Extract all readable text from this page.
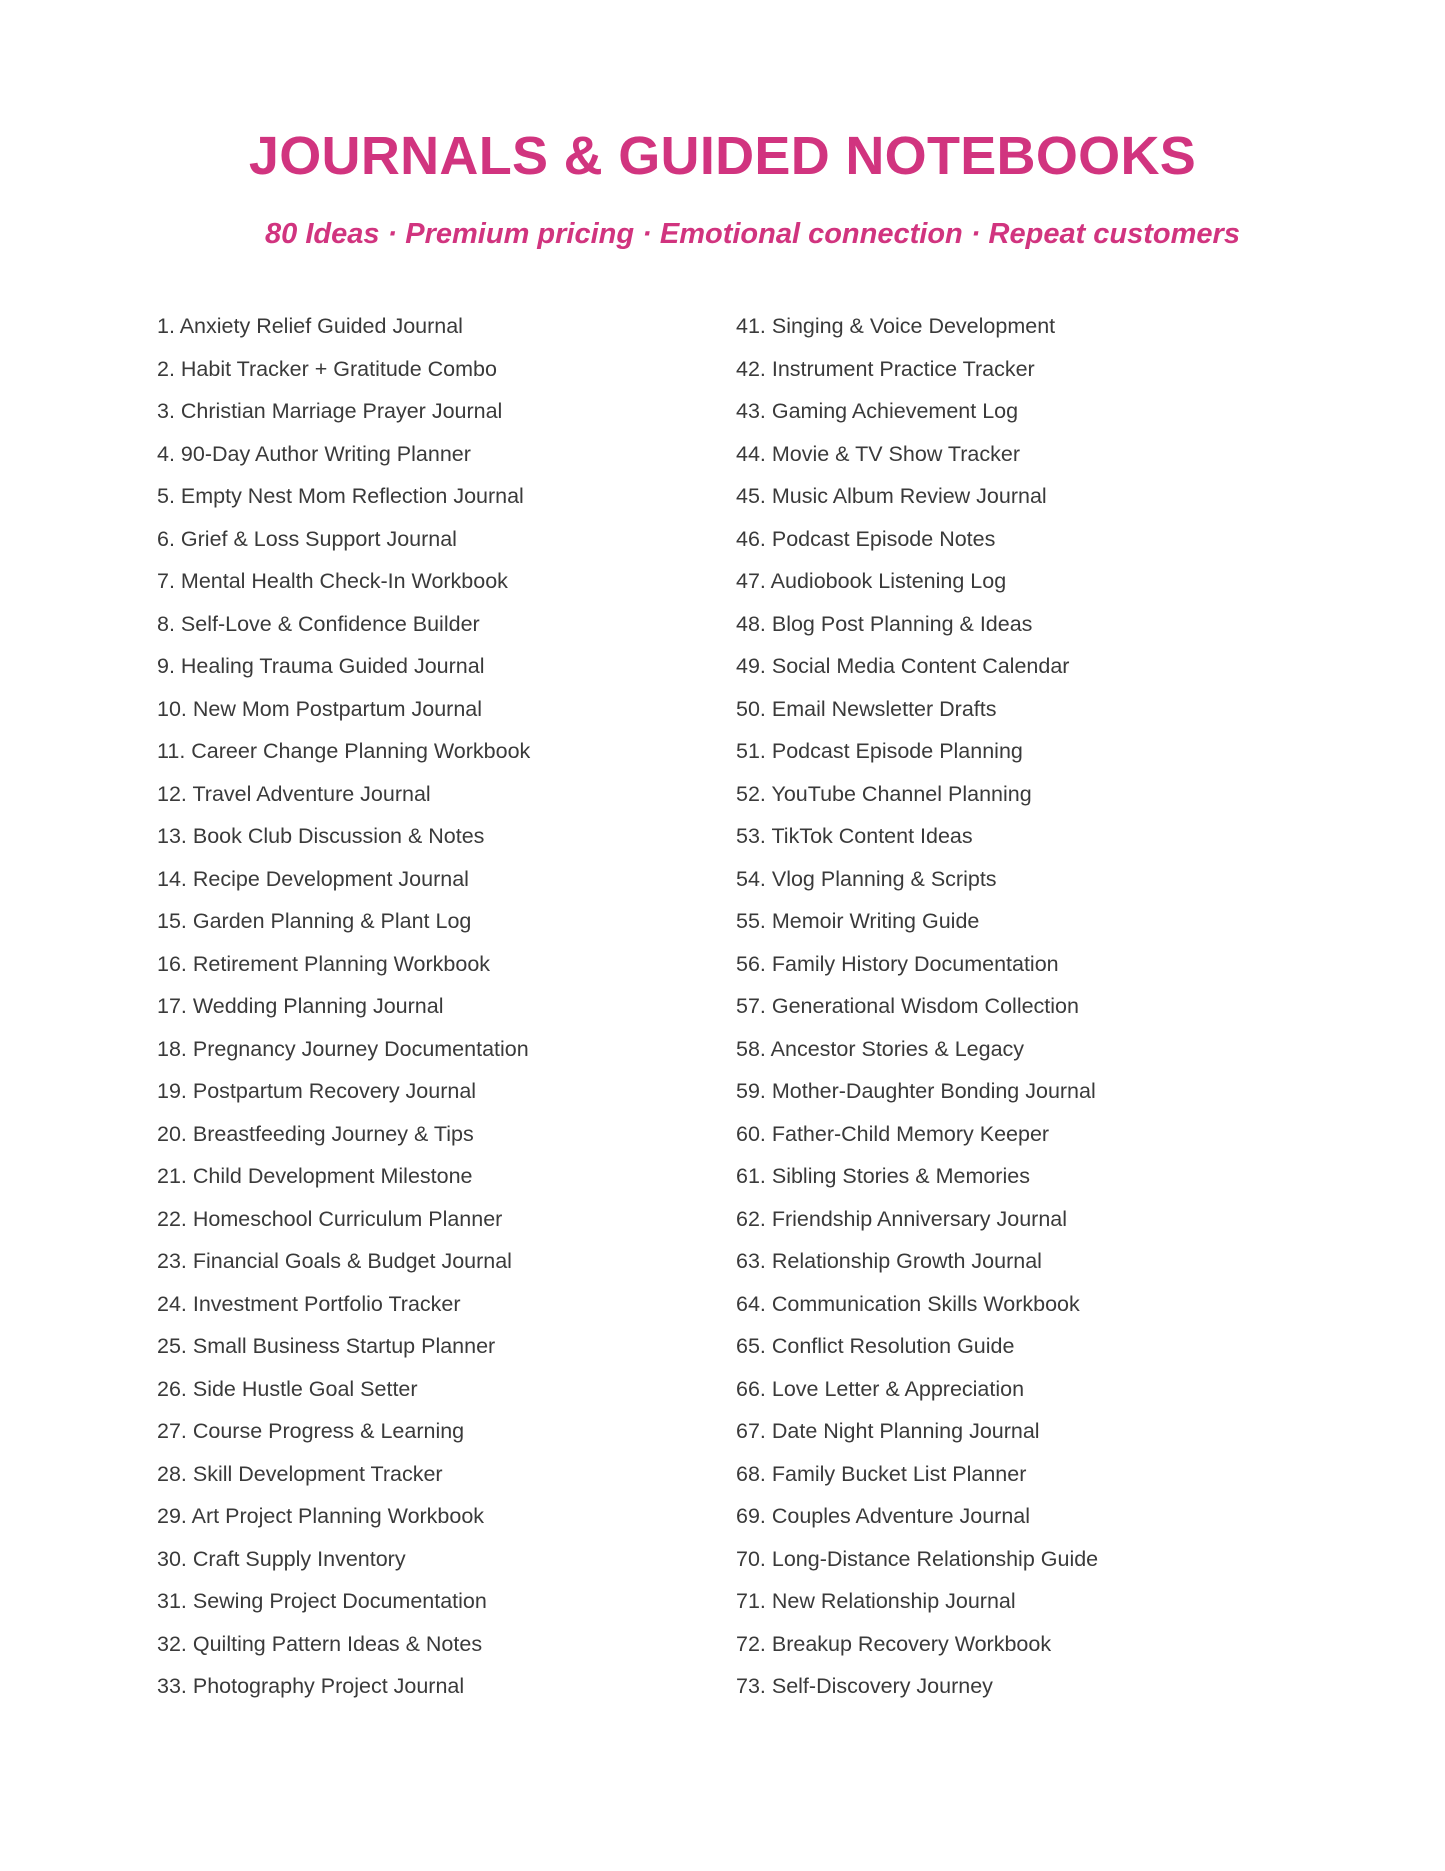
JOURNALS & GUIDED NOTEBOOKS

80 Ideas · Premium pricing · Emotional connection · Repeat customers

1. Anxiety Relief Guided Journal
2. Habit Tracker + Gratitude Combo
3. Christian Marriage Prayer Journal
4. 90-Day Author Writing Planner
5. Empty Nest Mom Reflection Journal
6. Grief & Loss Support Journal
7. Mental Health Check-In Workbook
8. Self-Love & Confidence Builder
9. Healing Trauma Guided Journal
10. New Mom Postpartum Journal
11. Career Change Planning Workbook
12. Travel Adventure Journal
13. Book Club Discussion & Notes
14. Recipe Development Journal
15. Garden Planning & Plant Log
16. Retirement Planning Workbook
17. Wedding Planning Journal
18. Pregnancy Journey Documentation
19. Postpartum Recovery Journal
20. Breastfeeding Journey & Tips
21. Child Development Milestone
22. Homeschool Curriculum Planner
23. Financial Goals & Budget Journal
24. Investment Portfolio Tracker
25. Small Business Startup Planner
26. Side Hustle Goal Setter
27. Course Progress & Learning
28. Skill Development Tracker
29. Art Project Planning Workbook
30. Craft Supply Inventory
31. Sewing Project Documentation
32. Quilting Pattern Ideas & Notes
33. Photography Project Journal
41. Singing & Voice Development
42. Instrument Practice Tracker
43. Gaming Achievement Log
44. Movie & TV Show Tracker
45. Music Album Review Journal
46. Podcast Episode Notes
47. Audiobook Listening Log
48. Blog Post Planning & Ideas
49. Social Media Content Calendar
50. Email Newsletter Drafts
51. Podcast Episode Planning
52. YouTube Channel Planning
53. TikTok Content Ideas
54. Vlog Planning & Scripts
55. Memoir Writing Guide
56. Family History Documentation
57. Generational Wisdom Collection
58. Ancestor Stories & Legacy
59. Mother-Daughter Bonding Journal
60. Father-Child Memory Keeper
61. Sibling Stories & Memories
62. Friendship Anniversary Journal
63. Relationship Growth Journal
64. Communication Skills Workbook
65. Conflict Resolution Guide
66. Love Letter & Appreciation
67. Date Night Planning Journal
68. Family Bucket List Planner
69. Couples Adventure Journal
70. Long-Distance Relationship Guide
71. New Relationship Journal
72. Breakup Recovery Workbook
73. Self-Discovery Journey
